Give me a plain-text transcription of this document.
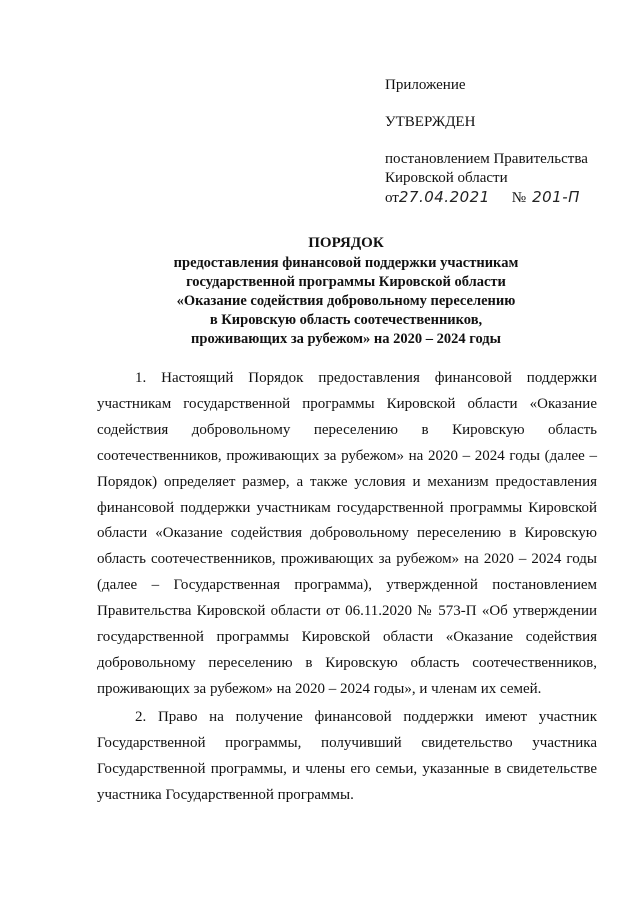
Приложение
УТВЕРЖДЕН
постановлением Правительства
Кировской области
от 27.04.2021 № 201-П
ПОРЯДОК
предоставления финансовой поддержки участникам
государственной программы Кировской области
«Оказание содействия добровольному переселению
в Кировскую область соотечественников,
проживающих за рубежом» на 2020 – 2024 годы

1. Настоящий Порядок предоставления финансовой поддержки участникам государственной программы Кировской области «Оказание содействия добровольному переселению в Кировскую область соотечественников, проживающих за рубежом» на 2020 – 2024 годы (далее – Порядок) определяет размер, а также условия и механизм предоставления финансовой поддержки участникам государственной программы Кировской области «Оказание содействия добровольному переселению в Кировскую область соотечественников, проживающих за рубежом» на 2020 – 2024 годы (далее – Государственная программа), утвержденной постановлением Правительства Кировской области от 06.11.2020 № 573-П «Об утверждении государственной программы Кировской области «Оказание содействия добровольному переселению в Кировскую область соотечественников, проживающих за рубежом» на 2020 – 2024 годы», и членам их семей.

2. Право на получение финансовой поддержки имеют участник Государственной программы, получивший свидетельство участника Государственной программы, и члены его семьи, указанные в свидетельстве участника Государственной программы.
